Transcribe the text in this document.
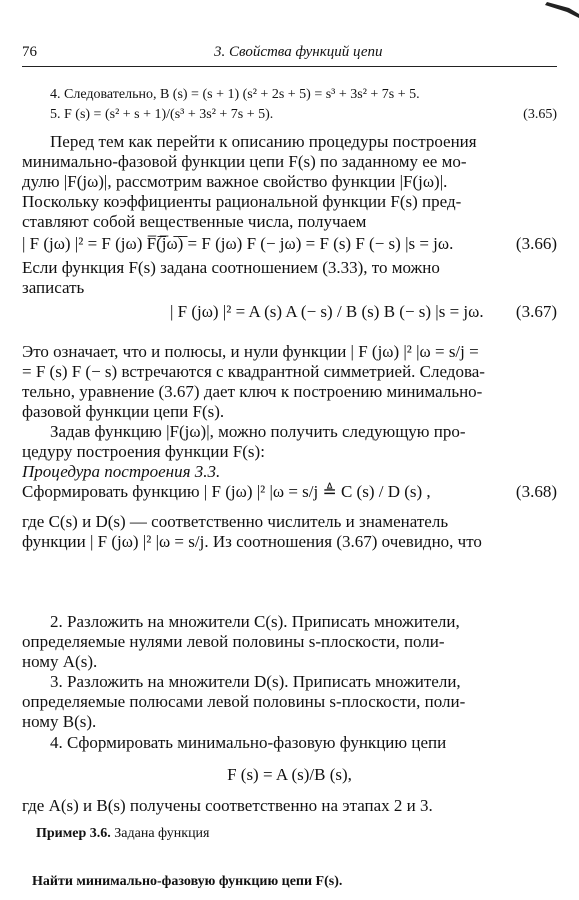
76	3. Свойства функций цепи
4. Следовательно, B (s) = (s + 1) (s² + 2s + 5) = s³ + 3s² + 7s + 5.
5. F (s) = (s² + s + 1)/(s³ + 3s² + 7s + 5).	(3.65)
Перед тем как перейти к описанию процедуры построения
минимально-фазовой функции цепи F(s) по заданному ее мо-
дулю |F(jω)|, рассмотрим важное свойство функции |F(jω)|.
Поскольку коэффициенты рациональной функции F(s) пред-
ставляют собой вещественные числа, получаем
| F (jω) |² = F (jω) F̅(̅j̅ω̅)̅ = F (jω) F (− jω) = F (s) F (− s) |s = jω.	(3.66)
Если функция F(s) задана соотношением (3.33), то можно
записать
| F (jω) |² = A (s) A (− s) / B (s) B (− s) |s = jω. (3.67)
Это означает, что и полюсы, и нули функции | F (jω) |² |ω = s/j =
= F (s) F (− s) встречаются с квадрантной симметрией. Следова-
тельно, уравнение (3.67) дает ключ к построению минимально-
фазовой функции цепи F(s).
Задав функцию |F(jω)|, можно получить следующую про-
цедуру построения функции F(s):
Процедура построения 3.3.
Сформировать функцию | F (jω) |² |ω = s/j ≜ C (s) / D (s) ,	(3.68)
где C(s) и D(s) — соответственно числитель и знаменатель
функции | F (jω) |² |ω = s/j. Из соотношения (3.67) очевидно, что
2. Разложить на множители C(s). Приписать множители,
определяемые нулями левой половины s-плоскости, поли-
ному A(s).
3. Разложить на множители D(s). Приписать множители,
определяемые полюсами левой половины s-плоскости, поли-
ному B(s).
4. Сформировать минимально-фазовую функцию цепи
F (s) = A (s)/B (s),
где A(s) и B(s) получены соответственно на этапах 2 и 3.
Пример 3.6. Задана функция
Найти минимально-фазовую функцию цепи F(s).
